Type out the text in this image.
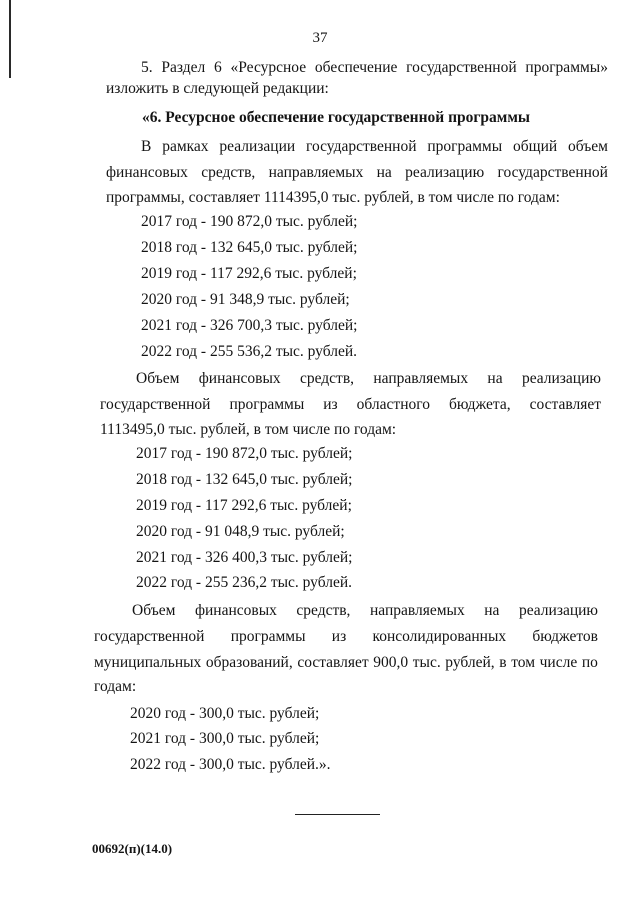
37
5. Раздел 6 «Ресурсное обеспечение государственной программы»
изложить в следующей редакции:
«6. Ресурсное обеспечение государственной программы
В рамках реализации государственной программы общий объем
финансовых средств, направляемых на реализацию государственной
программы, составляет 1114395,0 тыс. рублей, в том числе по годам:
2017 год - 190 872,0 тыс. рублей;
2018 год - 132 645,0 тыс. рублей;
2019 год - 117 292,6 тыс. рублей;
2020 год - 91 348,9 тыс. рублей;
2021 год - 326 700,3 тыс. рублей;
2022 год - 255 536,2 тыс. рублей.
Объем финансовых средств, направляемых на реализацию
государственной программы из областного бюджета, составляет
1113495,0 тыс. рублей, в том числе по годам:
2017 год - 190 872,0 тыс. рублей;
2018 год - 132 645,0 тыс. рублей;
2019 год - 117 292,6 тыс. рублей;
2020 год - 91 048,9 тыс. рублей;
2021 год - 326 400,3 тыс. рублей;
2022 год - 255 236,2 тыс. рублей.
Объем финансовых средств, направляемых на реализацию
государственной программы из консолидированных бюджетов
муниципальных образований, составляет 900,0 тыс. рублей, в том числе по
годам:
2020 год - 300,0 тыс. рублей;
2021 год - 300,0 тыс. рублей;
2022 год - 300,0 тыс. рублей.».
00692(п)(14.0)
